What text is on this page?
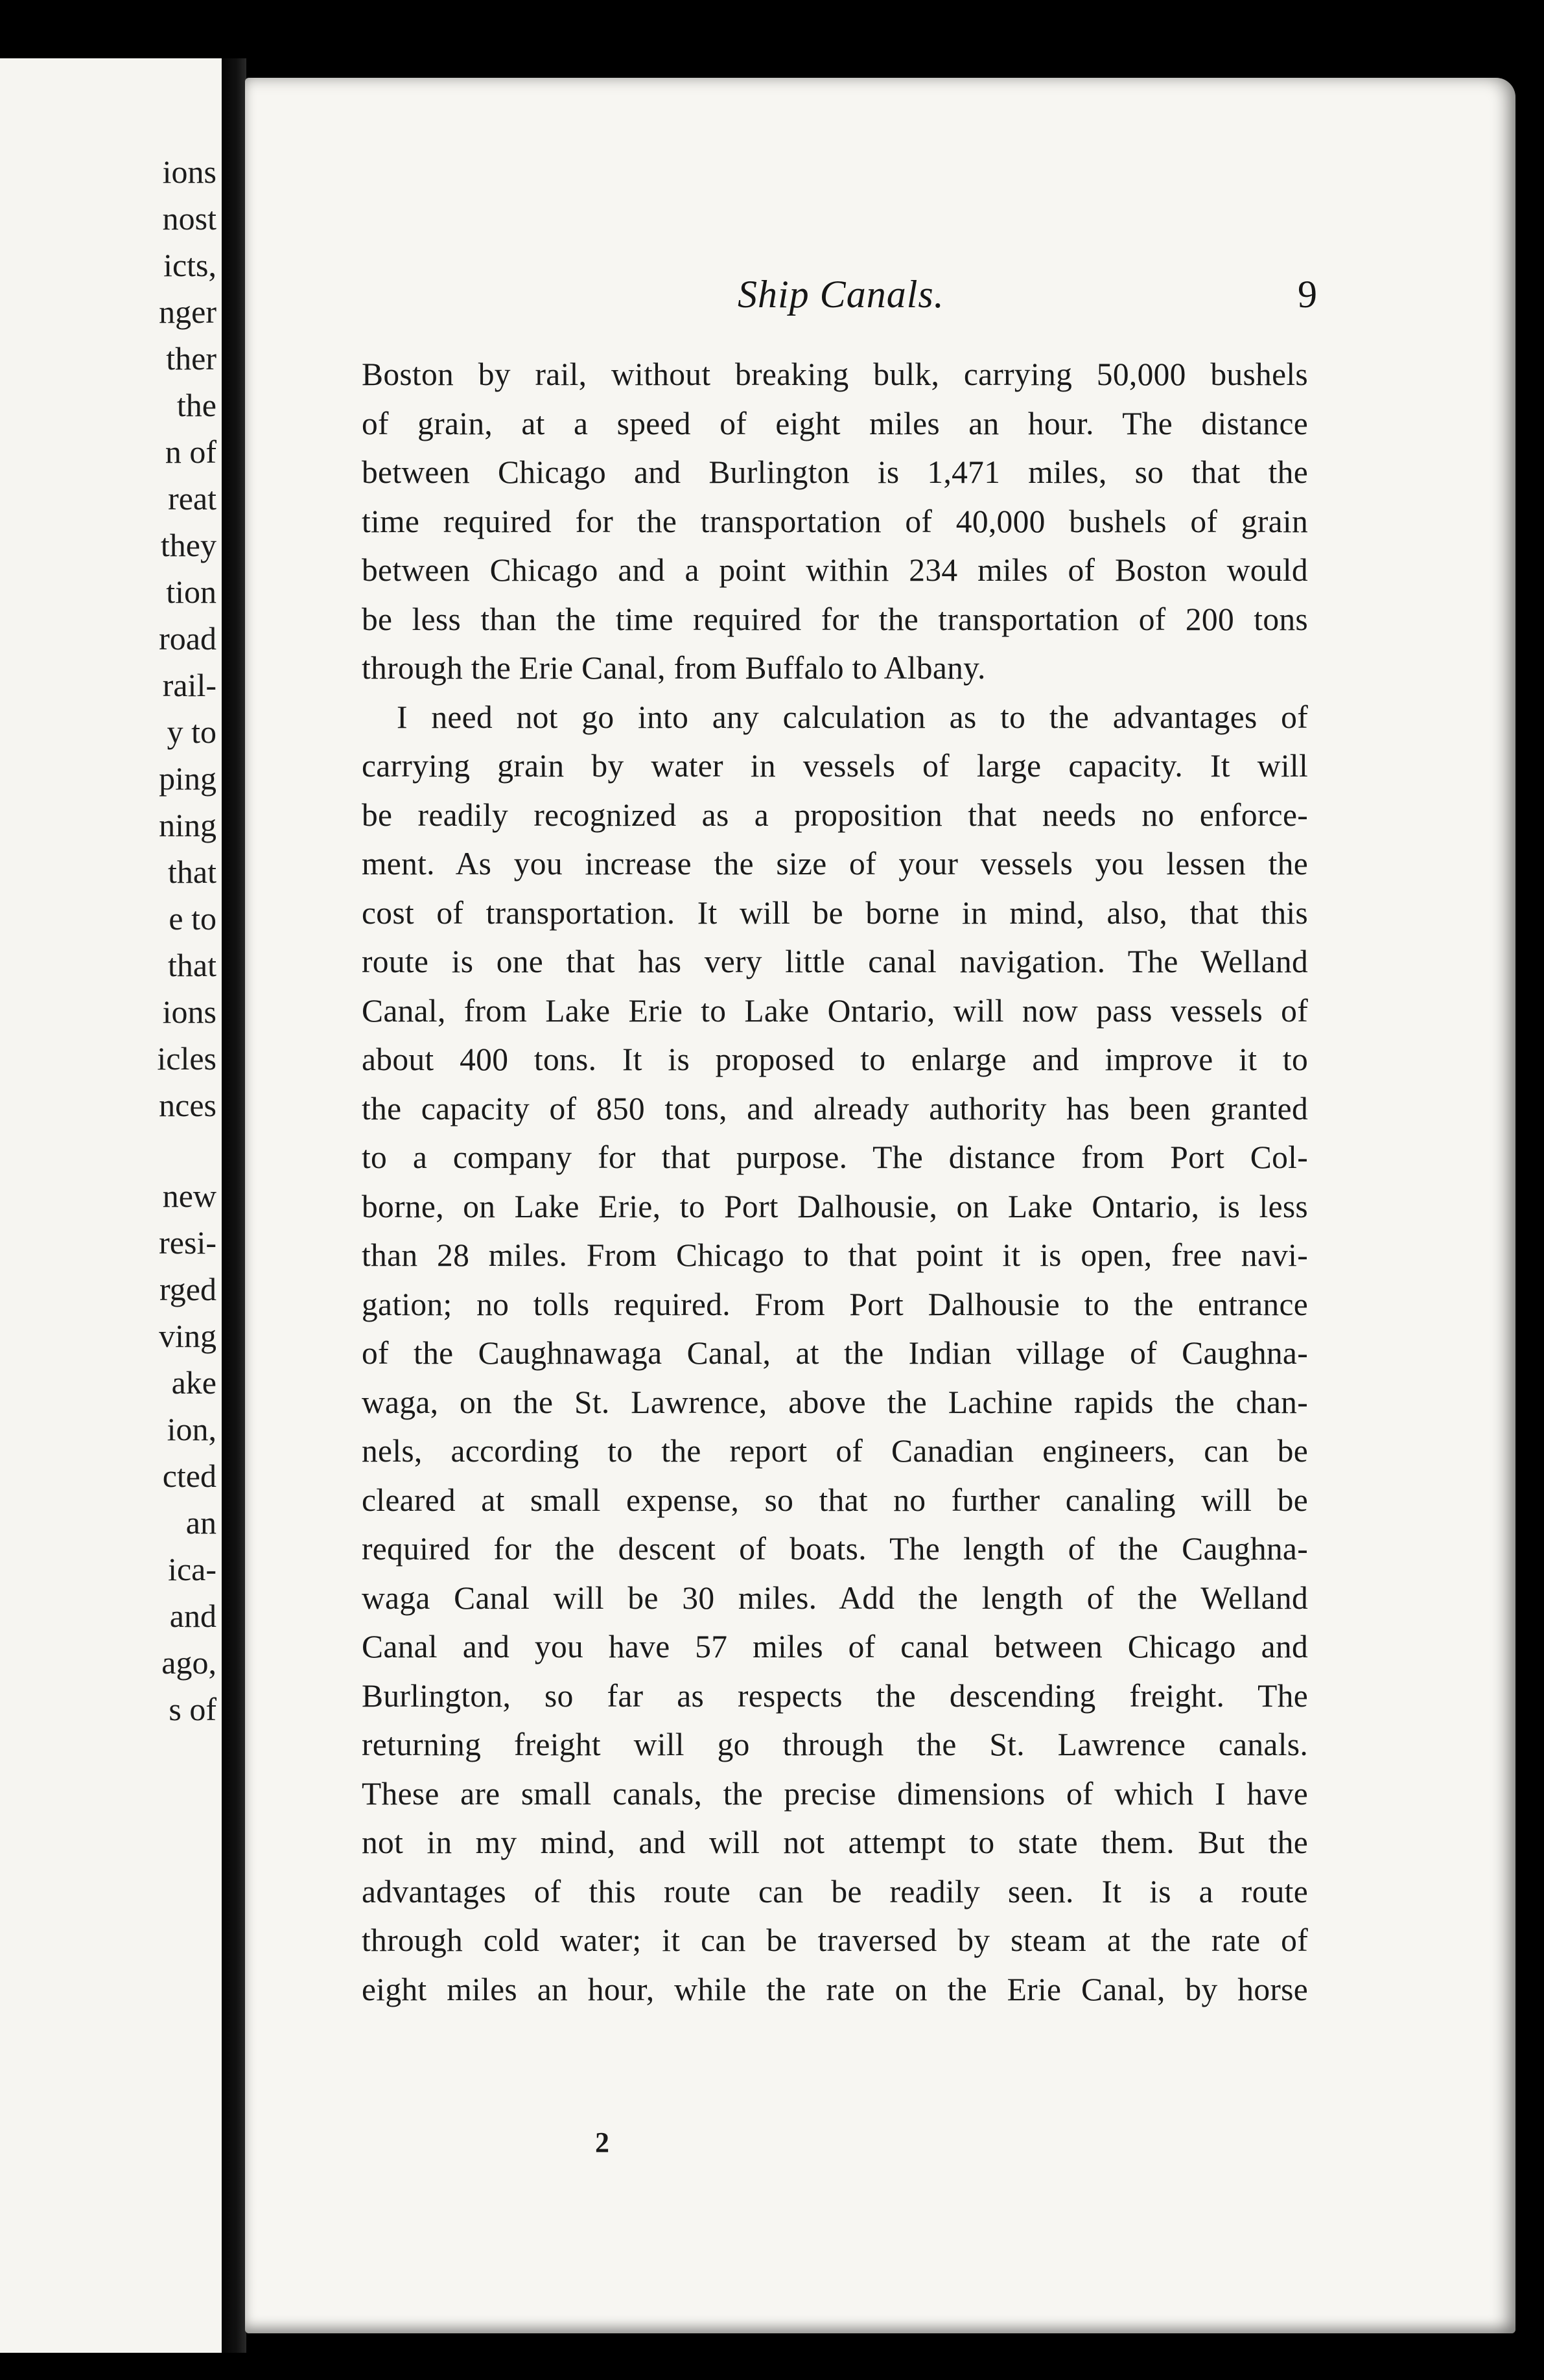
ions
nost
icts,
nger
ther
the
n of
reat
they
tion
road
rail-
y to
ping
ning
that
e to
that
ions
icles
nces
new
resi-
rged
ving
ake
ion,
cted
an
ica-
and
ago,
s of
Ship Canals.	9
Boston by rail, without breaking bulk, carrying 50,000 bushels
of grain, at a speed of eight miles an hour. The distance
between Chicago and Burlington is 1,471 miles, so that the
time required for the transportation of 40,000 bushels of grain
between Chicago and a point within 234 miles of Boston would
be less than the time required for the transportation of 200 tons
through the Erie Canal, from Buffalo to Albany.
I need not go into any calculation as to the advantages of
carrying grain by water in vessels of large capacity. It will
be readily recognized as a proposition that needs no enforce-
ment. As you increase the size of your vessels you lessen the
cost of transportation. It will be borne in mind, also, that this
route is one that has very little canal navigation. The Welland
Canal, from Lake Erie to Lake Ontario, will now pass vessels of
about 400 tons. It is proposed to enlarge and improve it to
the capacity of 850 tons, and already authority has been granted
to a company for that purpose. The distance from Port Col-
borne, on Lake Erie, to Port Dalhousie, on Lake Ontario, is less
than 28 miles. From Chicago to that point it is open, free navi-
gation; no tolls required. From Port Dalhousie to the entrance
of the Caughnawaga Canal, at the Indian village of Caughna-
waga, on the St. Lawrence, above the Lachine rapids the chan-
nels, according to the report of Canadian engineers, can be
cleared at small expense, so that no further canaling will be
required for the descent of boats. The length of the Caughna-
waga Canal will be 30 miles. Add the length of the Welland
Canal and you have 57 miles of canal between Chicago and
Burlington, so far as respects the descending freight. The
returning freight will go through the St. Lawrence canals.
These are small canals, the precise dimensions of which I have
not in my mind, and will not attempt to state them. But the
advantages of this route can be readily seen. It is a route
through cold water; it can be traversed by steam at the rate of
eight miles an hour, while the rate on the Erie Canal, by horse
2
